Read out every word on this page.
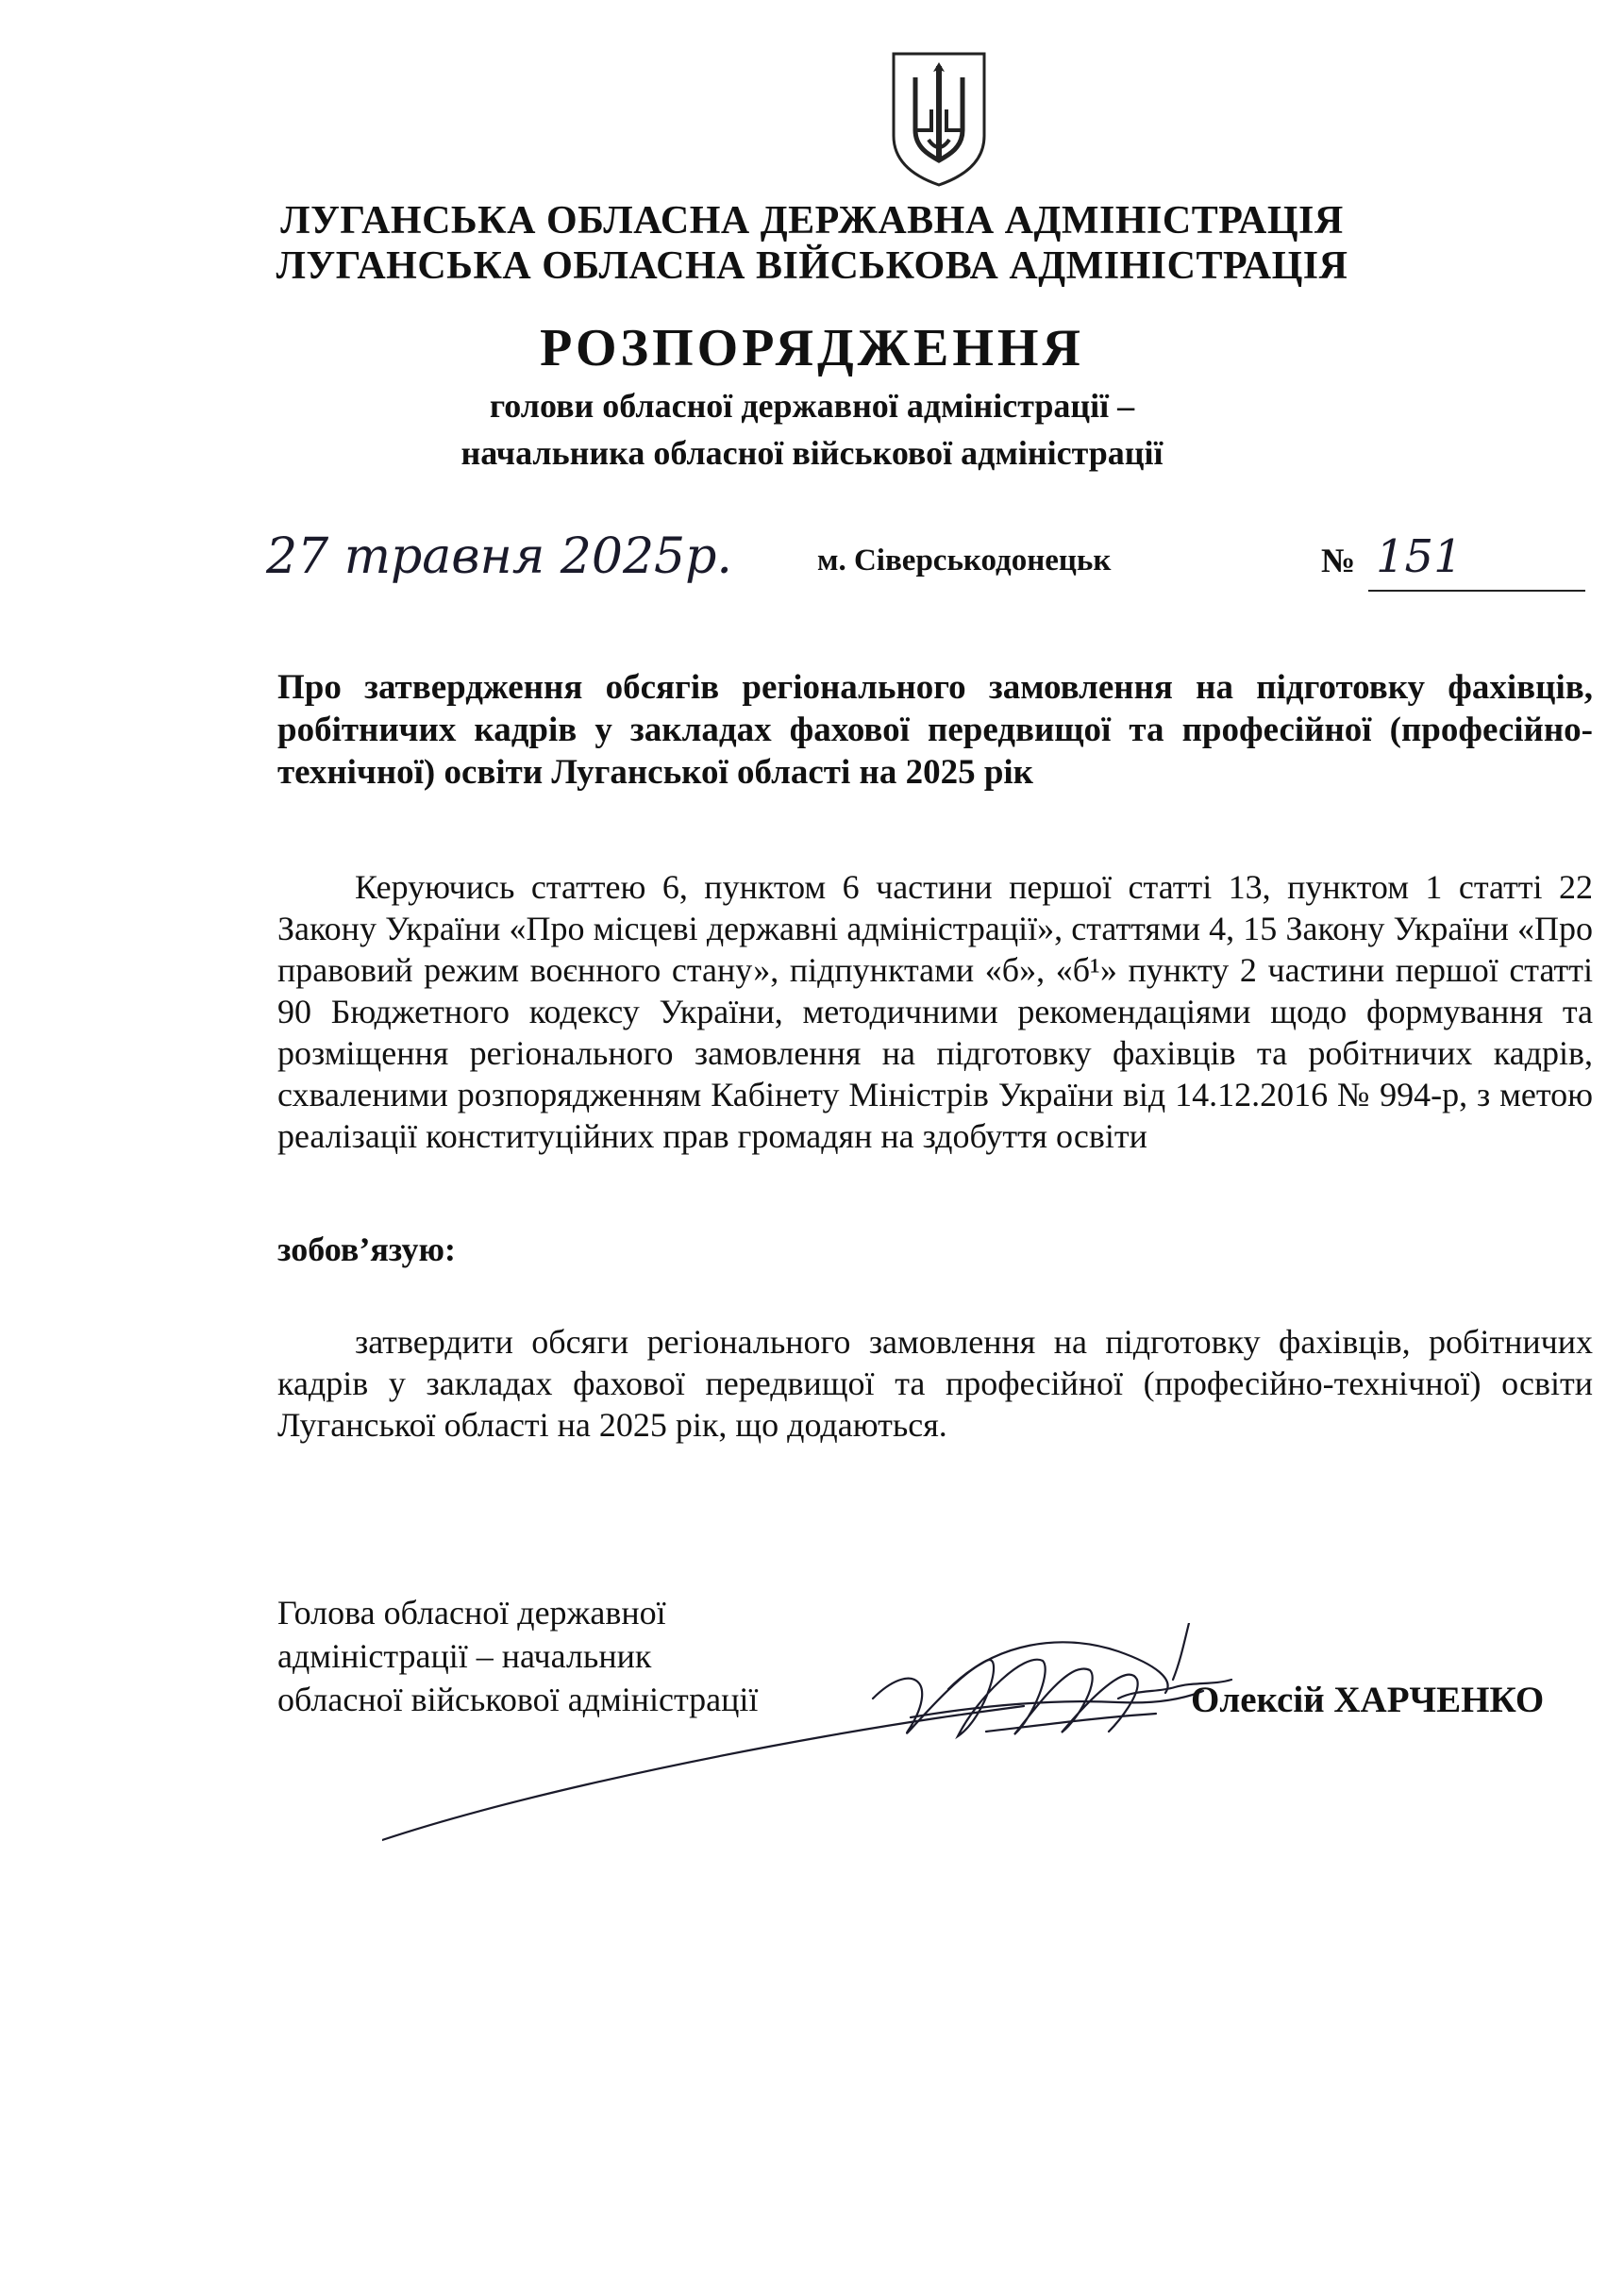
ЛУГАНСЬКА ОБЛАСНА ДЕРЖАВНА АДМІНІСТРАЦІЯ
ЛУГАНСЬКА ОБЛАСНА ВІЙСЬКОВА АДМІНІСТРАЦІЯ
РОЗПОРЯДЖЕННЯ
голови обласної державної адміністрації –
начальника обласної військової адміністрації
27 травня 2025р.	м. Сіверськодонецьк	№ 151
Про затвердження обсягів регіонального замовлення на підготовку фахівців, робітничих кадрів у закладах фахової передвищої та професійної (професійно-технічної) освіти Луганської області на 2025 рік
Керуючись статтею 6, пунктом 6 частини першої статті 13, пунктом 1 статті 22 Закону України «Про місцеві державні адміністрації», статтями 4, 15 Закону України «Про правовий режим воєнного стану», підпунктами «б», «б¹» пункту 2 частини першої статті 90 Бюджетного кодексу України, методичними рекомендаціями щодо формування та розміщення регіонального замовлення на підготовку фахівців та робітничих кадрів, схваленими розпорядженням Кабінету Міністрів України від 14.12.2016 № 994-р, з метою реалізації конституційних прав громадян на здобуття освіти
зобов’язую:
затвердити обсяги регіонального замовлення на підготовку фахівців, робітничих кадрів у закладах фахової передвищої та професійної (професійно-технічної) освіти Луганської області на 2025 рік, що додаються.
Голова обласної державної
адміністрації – начальник
обласної військової адміністрації	Олексій ХАРЧЕНКО
